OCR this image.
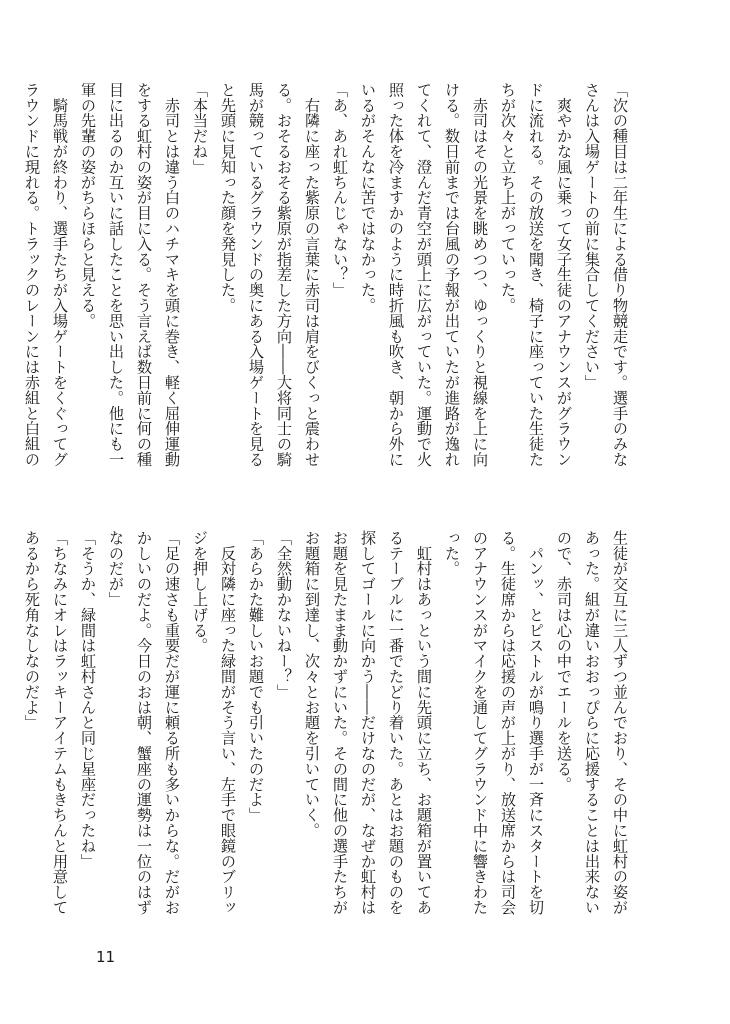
「次の種目は二年生による借り物競走です。選手のみな
さんは入場ゲートの前に集合してください」
　爽やかな風に乗って女子生徒のアナウンスがグラウン
ドに流れる。その放送を聞き、椅子に座っていた生徒た
ちが次々と立ち上がっていった。
　赤司はその光景を眺めつつ、ゆっくりと視線を上に向
ける。数日前までは台風の予報が出ていたが進路が逸れ
てくれて、澄んだ青空が頭上に広がっていた。運動で火
照った体を冷ますかのように時折風も吹き、朝から外に
いるがそんなに苦ではなかった。
「あ、あれ虹ちんじゃない？」
　右隣に座った紫原の言葉に赤司は肩をびくっと震わせ
る。おそるおそる紫原が指差した方向――大将同士の騎
馬が競っているグラウンドの奥にある入場ゲートを見る
と先頭に見知った顔を発見した。
「本当だね」
　赤司とは違う白のハチマキを頭に巻き、軽く屈伸運動
をする虹村の姿が目に入る。そう言えば数日前に何の種
目に出るのか互いに話したことを思い出した。他にも一
軍の先輩の姿がちらほらと見える。
　騎馬戦が終わり、選手たちが入場ゲートをくぐってグ
ラウンドに現れる。トラックのレーンには赤組と白組の
生徒が交互に三人ずつ並んでおり、その中に虹村の姿が
あった。組が違いおおっぴらに応援することは出来ない
ので、赤司は心の中でエールを送る。
　パンッ、とピストルが鳴り選手が一斉にスタートを切
る。生徒席からは応援の声が上がり、放送席からは司会
のアナウンスがマイクを通してグラウンド中に響きわた
った。
　虹村はあっという間に先頭に立ち、お題箱が置いてあ
るテーブルに一番でたどり着いた。あとはお題のものを
探してゴールに向かう――だけなのだが、なぜか虹村は
お題を見たまま動かずにいた。その間に他の選手たちが
お題箱に到達し、次々とお題を引いていく。
「全然動かないねー？」
「あらかた難しいお題でも引いたのだよ」
　反対隣に座った緑間がそう言い、左手で眼鏡のブリッ
ジを押し上げる。
「足の速さも重要だが運に頼る所も多いからな。だがお
かしいのだよ。今日のおは朝、蟹座の運勢は一位のはず
なのだが」
「そうか、緑間は虹村さんと同じ星座だったね」
「ちなみにオレはラッキーアイテムもきちんと用意して
あるから死角なしなのだよ」
11
